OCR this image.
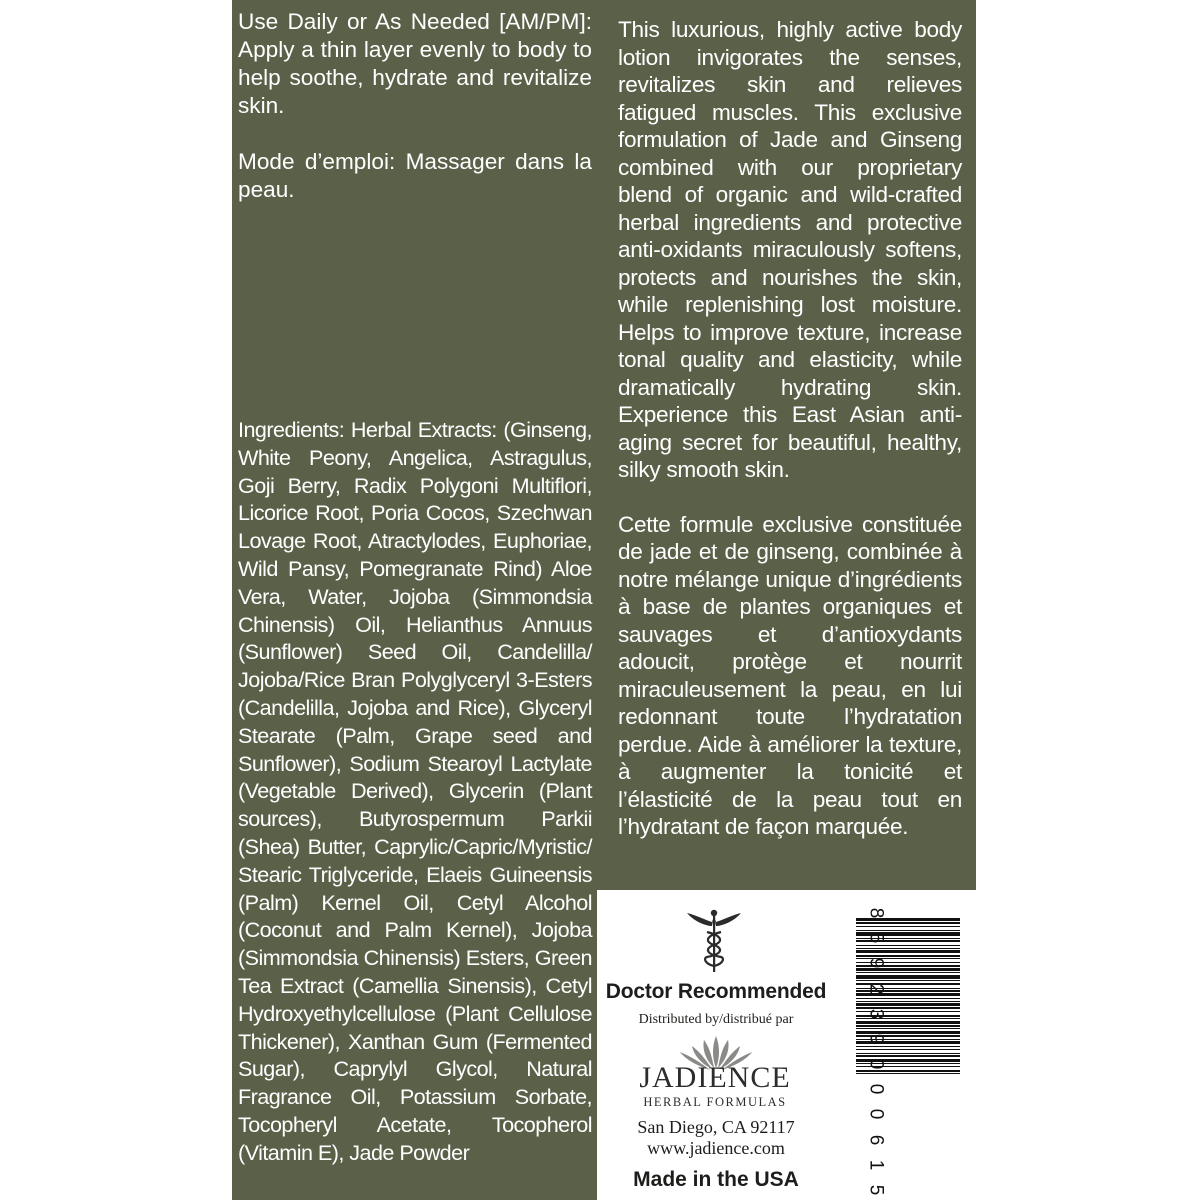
Use Daily or As Needed [AM/PM]: Apply a thin layer evenly to body to help soothe, hydrate and revitalize skin.

Mode d’emploi: Massager dans la peau.

Ingredients: Herbal Extracts: (Ginseng, White Peony, Angelica, Astragulus, Goji Berry, Radix Polygoni Multiflori, Licorice Root, Poria Cocos, Szechwan Lovage Root, Atractylodes, Euphoriae, Wild Pansy, Pomegranate Rind) Aloe Vera, Water, Jojoba (Simmondsia Chinensis) Oil, Helianthus Annuus (Sunflower) Seed Oil, Candelilla/ Jojoba/Rice Bran Polyglyceryl 3-Esters (Candelilla, Jojoba and Rice), Glyceryl Stearate (Palm, Grape seed and Sunflower), Sodium Stearoyl Lactylate (Vegetable Derived), Glycerin (Plant sources), Butyrospermum Parkii (Shea) Butter, Caprylic/Capric/Myristic/ Stearic Triglyceride, Elaeis Guineensis (Palm) Kernel Oil, Cetyl Alcohol (Coconut and Palm Kernel), Jojoba (Simmondsia Chinensis) Esters, Green Tea Extract (Camellia Sinensis), Cetyl Hydroxyethylcellulose (Plant Cellulose Thickener), Xanthan Gum (Fermented Sugar), Caprylyl Glycol, Natural Fragrance Oil, Potassium Sorbate, Tocopheryl Acetate, Tocopherol (Vitamin E), Jade Powder

This luxurious, highly active body lotion invigorates the senses, revitalizes skin and relieves fatigued muscles. This exclusive formulation of Jade and Ginseng combined with our proprietary blend of organic and wild-crafted herbal ingredients and protective anti-oxidants miraculously softens, protects and nourishes the skin, while replenishing lost moisture. Helps to improve texture, increase tonal quality and elasticity, while dramatically hydrating skin. Experience this East Asian anti-aging secret for beautiful, healthy, silky smooth skin.

Cette formule exclusive constituée de jade et de ginseng, combinée à notre mélange unique d’ingrédients à base de plantes organiques et sauvages et d’antioxydants adoucit, protège et nourrit miraculeusement la peau, en lui redonnant toute l’hydratation perdue. Aide à améliorer la texture, à augmenter la tonicité et l’élasticité de la peau tout en l’hydratant de façon marquée.

Doctor Recommended
Distributed by/distribué par
JADIENCE
HERBAL FORMULAS
San Diego, CA 92117
www.jadience.com
Made in the USA
8
5
9
2
3
9
0
0
0
6
1
5
